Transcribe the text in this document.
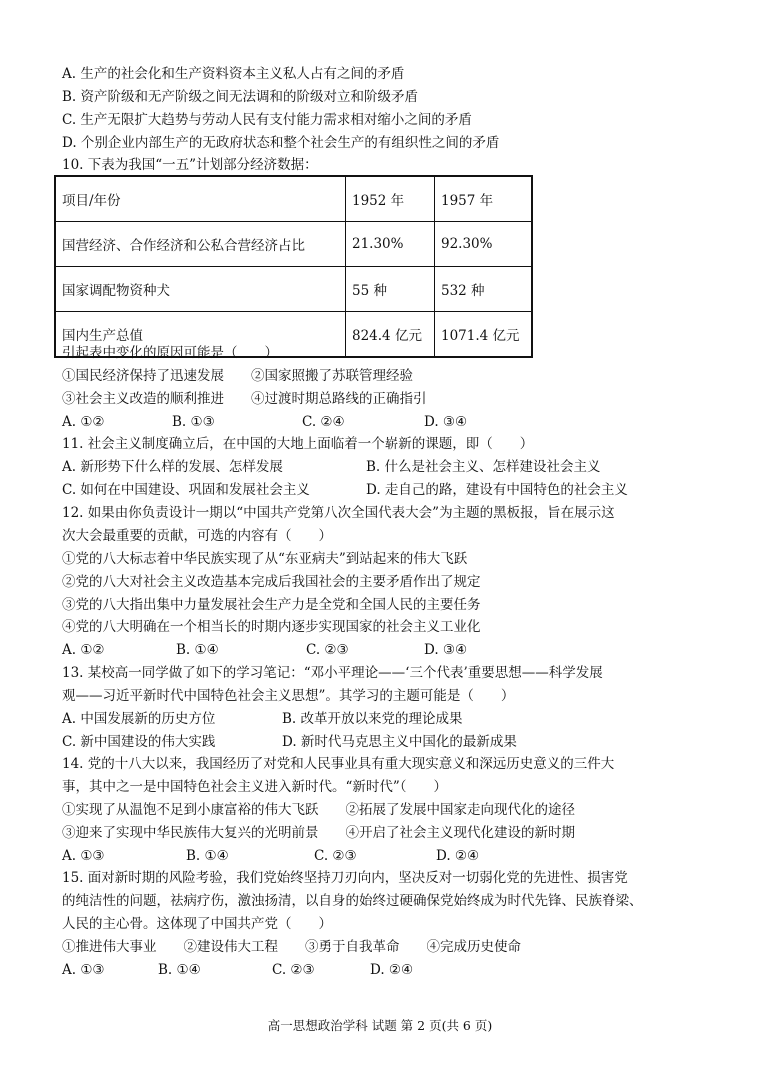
A. 生产的社会化和生产资料资本主义私人占有之间的矛盾
B. 资产阶级和无产阶级之间无法调和的阶级对立和阶级矛盾
C. 生产无限扩大趋势与劳动人民有支付能力需求相对缩小之间的矛盾
D. 个别企业内部生产的无政府状态和整个社会生产的有组织性之间的矛盾
10. 下表为我国“一五”计划部分经济数据：
项目/年份	1952 年	1957 年
国营经济、合作经济和公私合营经济占比	21.30%	92.30%
国家调配物资种犬	55 种	532 种
国内生产总值	824.4 亿元	1071.4 亿元
引起表中变化的原因可能是（　　）
①国民经济保持了迅速发展　　②国家照搬了苏联管理经验
③社会主义改造的顺利推进　　④过渡时期总路线的正确指引
A. ①②	B. ①③	C. ②④	D. ③④
11. 社会主义制度确立后，在中国的大地上面临着一个崭新的课题，即（　　）
A. 新形势下什么样的发展、怎样发展	B. 什么是社会主义、怎样建设社会主义
C. 如何在中国建设、巩固和发展社会主义	D. 走自己的路，建设有中国特色的社会主义
12. 如果由你负责设计一期以“中国共产党第八次全国代表大会”为主题的黑板报，旨在展示这
次大会最重要的贡献，可选的内容有（　　）
①党的八大标志着中华民族实现了从“东亚病夫”到站起来的伟大飞跃
②党的八大对社会主义改造基本完成后我国社会的主要矛盾作出了规定
③党的八大指出集中力量发展社会生产力是全党和全国人民的主要任务
④党的八大明确在一个相当长的时期内逐步实现国家的社会主义工业化
A. ①②	B. ①④	C. ②③	D. ③④
13. 某校高一同学做了如下的学习笔记：“邓小平理论——‘三个代表’重要思想——科学发展
观——习近平新时代中国特色社会主义思想”。其学习的主题可能是（　　）
A. 中国发展新的历史方位	B. 改革开放以来党的理论成果
C. 新中国建设的伟大实践	D. 新时代马克思主义中国化的最新成果
14. 党的十八大以来，我国经历了对党和人民事业具有重大现实意义和深远历史意义的三件大
事，其中之一是中国特色社会主义进入新时代。“新时代”（　　）
①实现了从温饱不足到小康富裕的伟大飞跃　　②拓展了发展中国家走向现代化的途径
③迎来了实现中华民族伟大复兴的光明前景　　④开启了社会主义现代化建设的新时期
A. ①③	B. ①④	C. ②③	D. ②④
15. 面对新时期的风险考验，我们党始终坚持刀刃向内，坚决反对一切弱化党的先进性、损害党
的纯洁性的问题，祛病疗伤，激浊扬清，以自身的始终过硬确保党始终成为时代先锋、民族脊梁、
人民的主心骨。这体现了中国共产党（　　）
①推进伟大事业　　②建设伟大工程　　③勇于自我革命　　④完成历史使命
A. ①③	B. ①④	C. ②③	D. ②④
高一思想政治学科 试题 第 2 页(共 6 页)
